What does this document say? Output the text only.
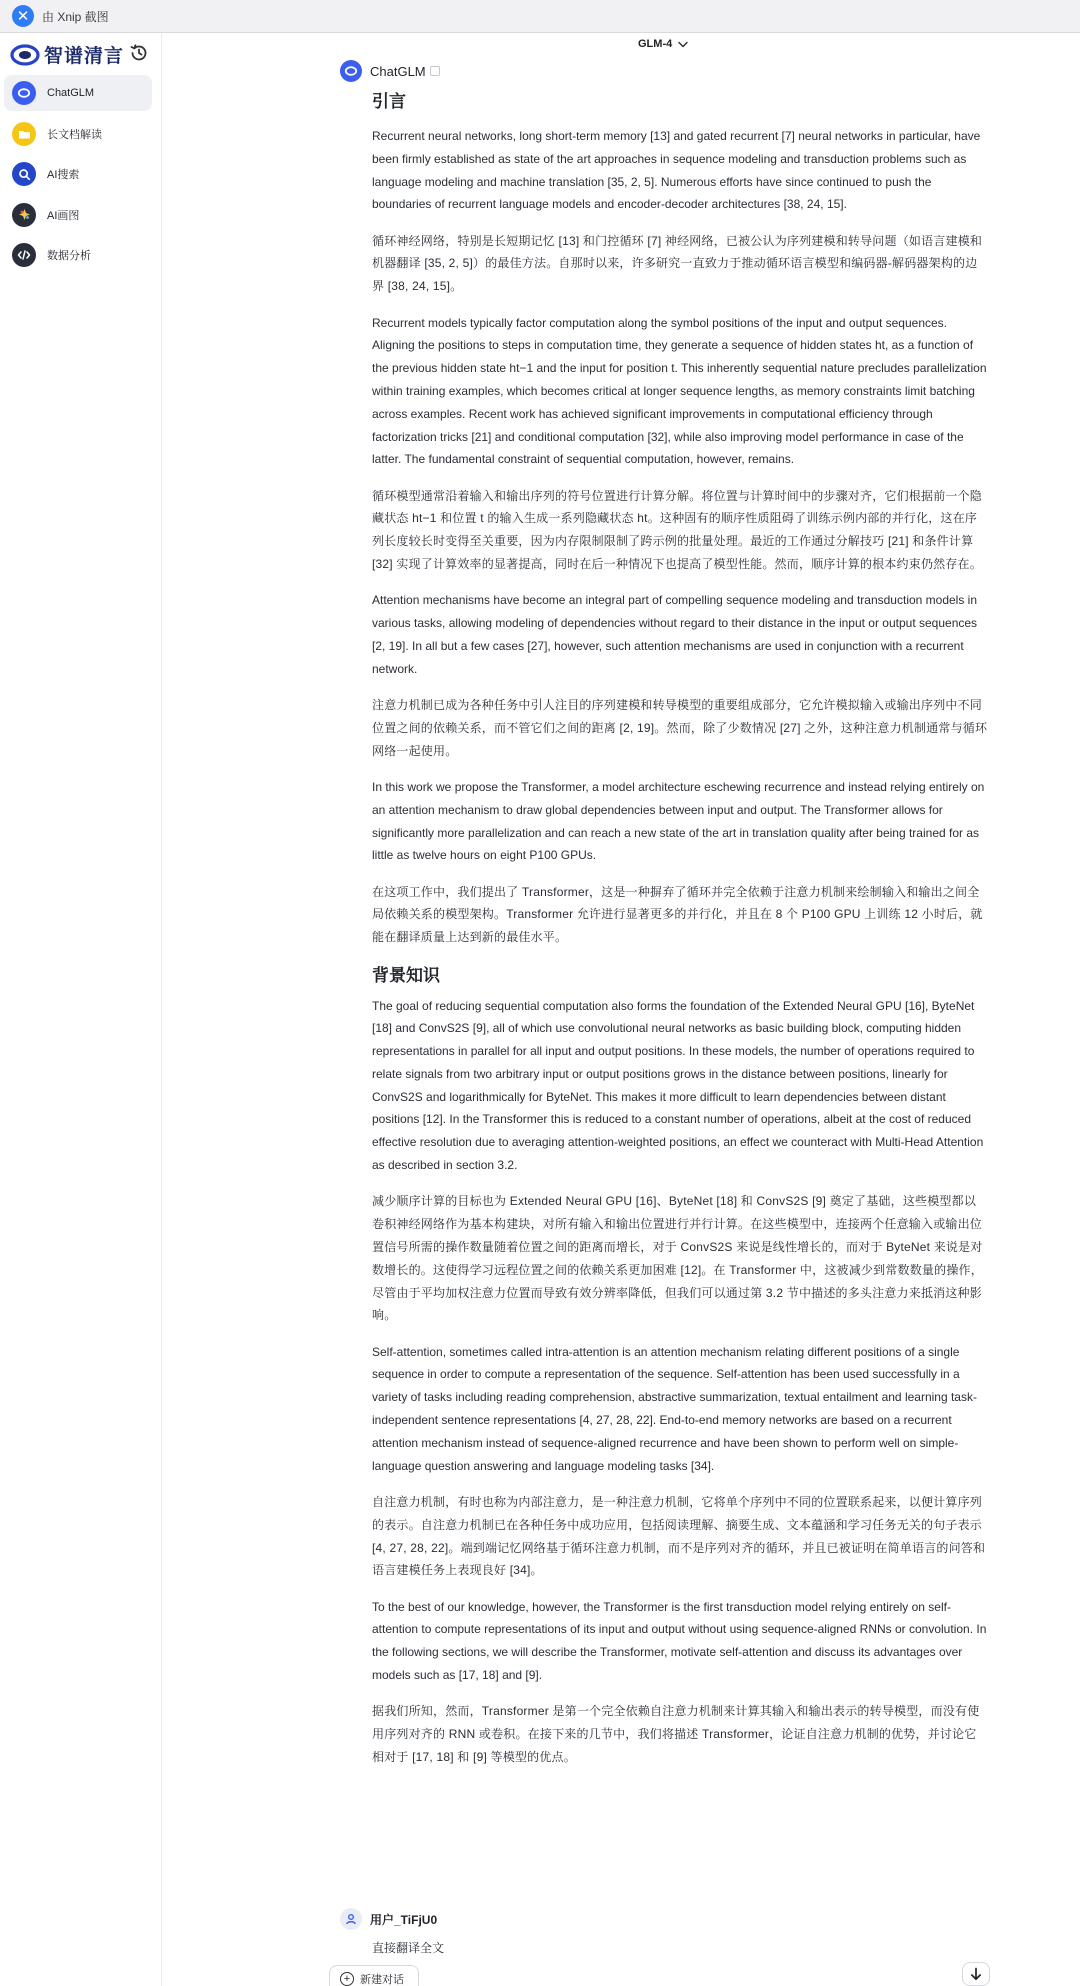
✕	由 Xnip 截图
智谱清言
ChatGLM
长文档解读
AI搜索
AI画图
数据分析
GLM-4
ChatGLM
引言

Recurrent neural networks, long short-term memory [13] and gated recurrent [7] neural networks in particular, have been firmly established as state of the art approaches in sequence modeling and transduction problems such as language modeling and machine translation [35, 2, 5]. Numerous efforts have since continued to push the boundaries of recurrent language models and encoder-decoder architectures [38, 24, 15].

循环神经网络，特别是长短期记忆 [13] 和门控循环 [7] 神经网络，已被公认为序列建模和转导问题（如语言建模和机器翻译 [35, 2, 5]）的最佳方法。自那时以来，许多研究一直致力于推动循环语言模型和编码器-解码器架构的边界 [38, 24, 15]。

Recurrent models typically factor computation along the symbol positions of the input and output sequences. Aligning the positions to steps in computation time, they generate a sequence of hidden states ht, as a function of the previous hidden state ht−1 and the input for position t. This inherently sequential nature precludes parallelization within training examples, which becomes critical at longer sequence lengths, as memory constraints limit batching across examples. Recent work has achieved significant improvements in computational efficiency through factorization tricks [21] and conditional computation [32], while also improving model performance in case of the latter. The fundamental constraint of sequential computation, however, remains.

循环模型通常沿着输入和输出序列的符号位置进行计算分解。将位置与计算时间中的步骤对齐，它们根据前一个隐藏状态 ht−1 和位置 t 的输入生成一系列隐藏状态 ht。这种固有的顺序性质阻碍了训练示例内部的并行化，这在序列长度较长时变得至关重要，因为内存限制限制了跨示例的批量处理。最近的工作通过分解技巧 [21] 和条件计算 [32] 实现了计算效率的显著提高，同时在后一种情况下也提高了模型性能。然而，顺序计算的根本约束仍然存在。

Attention mechanisms have become an integral part of compelling sequence modeling and transduction models in various tasks, allowing modeling of dependencies without regard to their distance in the input or output sequences [2, 19]. In all but a few cases [27], however, such attention mechanisms are used in conjunction with a recurrent network.

注意力机制已成为各种任务中引人注目的序列建模和转导模型的重要组成部分，它允许模拟输入或输出序列中不同位置之间的依赖关系，而不管它们之间的距离 [2, 19]。然而，除了少数情况 [27] 之外，这种注意力机制通常与循环网络一起使用。

In this work we propose the Transformer, a model architecture eschewing recurrence and instead relying entirely on an attention mechanism to draw global dependencies between input and output. The Transformer allows for significantly more parallelization and can reach a new state of the art in translation quality after being trained for as little as twelve hours on eight P100 GPUs.

在这项工作中，我们提出了 Transformer，这是一种摒弃了循环并完全依赖于注意力机制来绘制输入和输出之间全局依赖关系的模型架构。Transformer 允许进行显著更多的并行化，并且在 8 个 P100 GPU 上训练 12 小时后，就能在翻译质量上达到新的最佳水平。

背景知识

The goal of reducing sequential computation also forms the foundation of the Extended Neural GPU [16], ByteNet [18] and ConvS2S [9], all of which use convolutional neural networks as basic building block, computing hidden representations in parallel for all input and output positions. In these models, the number of operations required to relate signals from two arbitrary input or output positions grows in the distance between positions, linearly for ConvS2S and logarithmically for ByteNet. This makes it more difficult to learn dependencies between distant positions [12]. In the Transformer this is reduced to a constant number of operations, albeit at the cost of reduced effective resolution due to averaging attention-weighted positions, an effect we counteract with Multi-Head Attention as described in section 3.2.

减少顺序计算的目标也为 Extended Neural GPU [16]、ByteNet [18] 和 ConvS2S [9] 奠定了基础，这些模型都以卷积神经网络作为基本构建块，对所有输入和输出位置进行并行计算。在这些模型中，连接两个任意输入或输出位置信号所需的操作数量随着位置之间的距离而增长，对于 ConvS2S 来说是线性增长的，而对于 ByteNet 来说是对数增长的。这使得学习远程位置之间的依赖关系更加困难 [12]。在 Transformer 中，这被减少到常数数量的操作，尽管由于平均加权注意力位置而导致有效分辨率降低，但我们可以通过第 3.2 节中描述的多头注意力来抵消这种影响。

Self-attention, sometimes called intra-attention is an attention mechanism relating different positions of a single sequence in order to compute a representation of the sequence. Self-attention has been used successfully in a variety of tasks including reading comprehension, abstractive summarization, textual entailment and learning task-independent sentence representations [4, 27, 28, 22]. End-to-end memory networks are based on a recurrent attention mechanism instead of sequence-aligned recurrence and have been shown to perform well on simple-language question answering and language modeling tasks [34].

自注意力机制，有时也称为内部注意力，是一种注意力机制，它将单个序列中不同的位置联系起来，以便计算序列的表示。自注意力机制已在各种任务中成功应用，包括阅读理解、摘要生成、文本蕴涵和学习任务无关的句子表示 [4, 27, 28, 22]。端到端记忆网络基于循环注意力机制，而不是序列对齐的循环，并且已被证明在简单语言的问答和语言建模任务上表现良好 [34]。

To the best of our knowledge, however, the Transformer is the first transduction model relying entirely on self-attention to compute representations of its input and output without using sequence-aligned RNNs or convolution. In the following sections, we will describe the Transformer, motivate self-attention and discuss its advantages over models such as [17, 18] and [9].

据我们所知，然而，Transformer 是第一个完全依赖自注意力机制来计算其输入和输出表示的转导模型，而没有使用序列对齐的 RNN 或卷积。在接下来的几节中，我们将描述 Transformer，论证自注意力机制的优势，并讨论它相对于 [17, 18] 和 [9] 等模型的优点。

用户_TiFjU0
直接翻译全文
+ 新建对话
